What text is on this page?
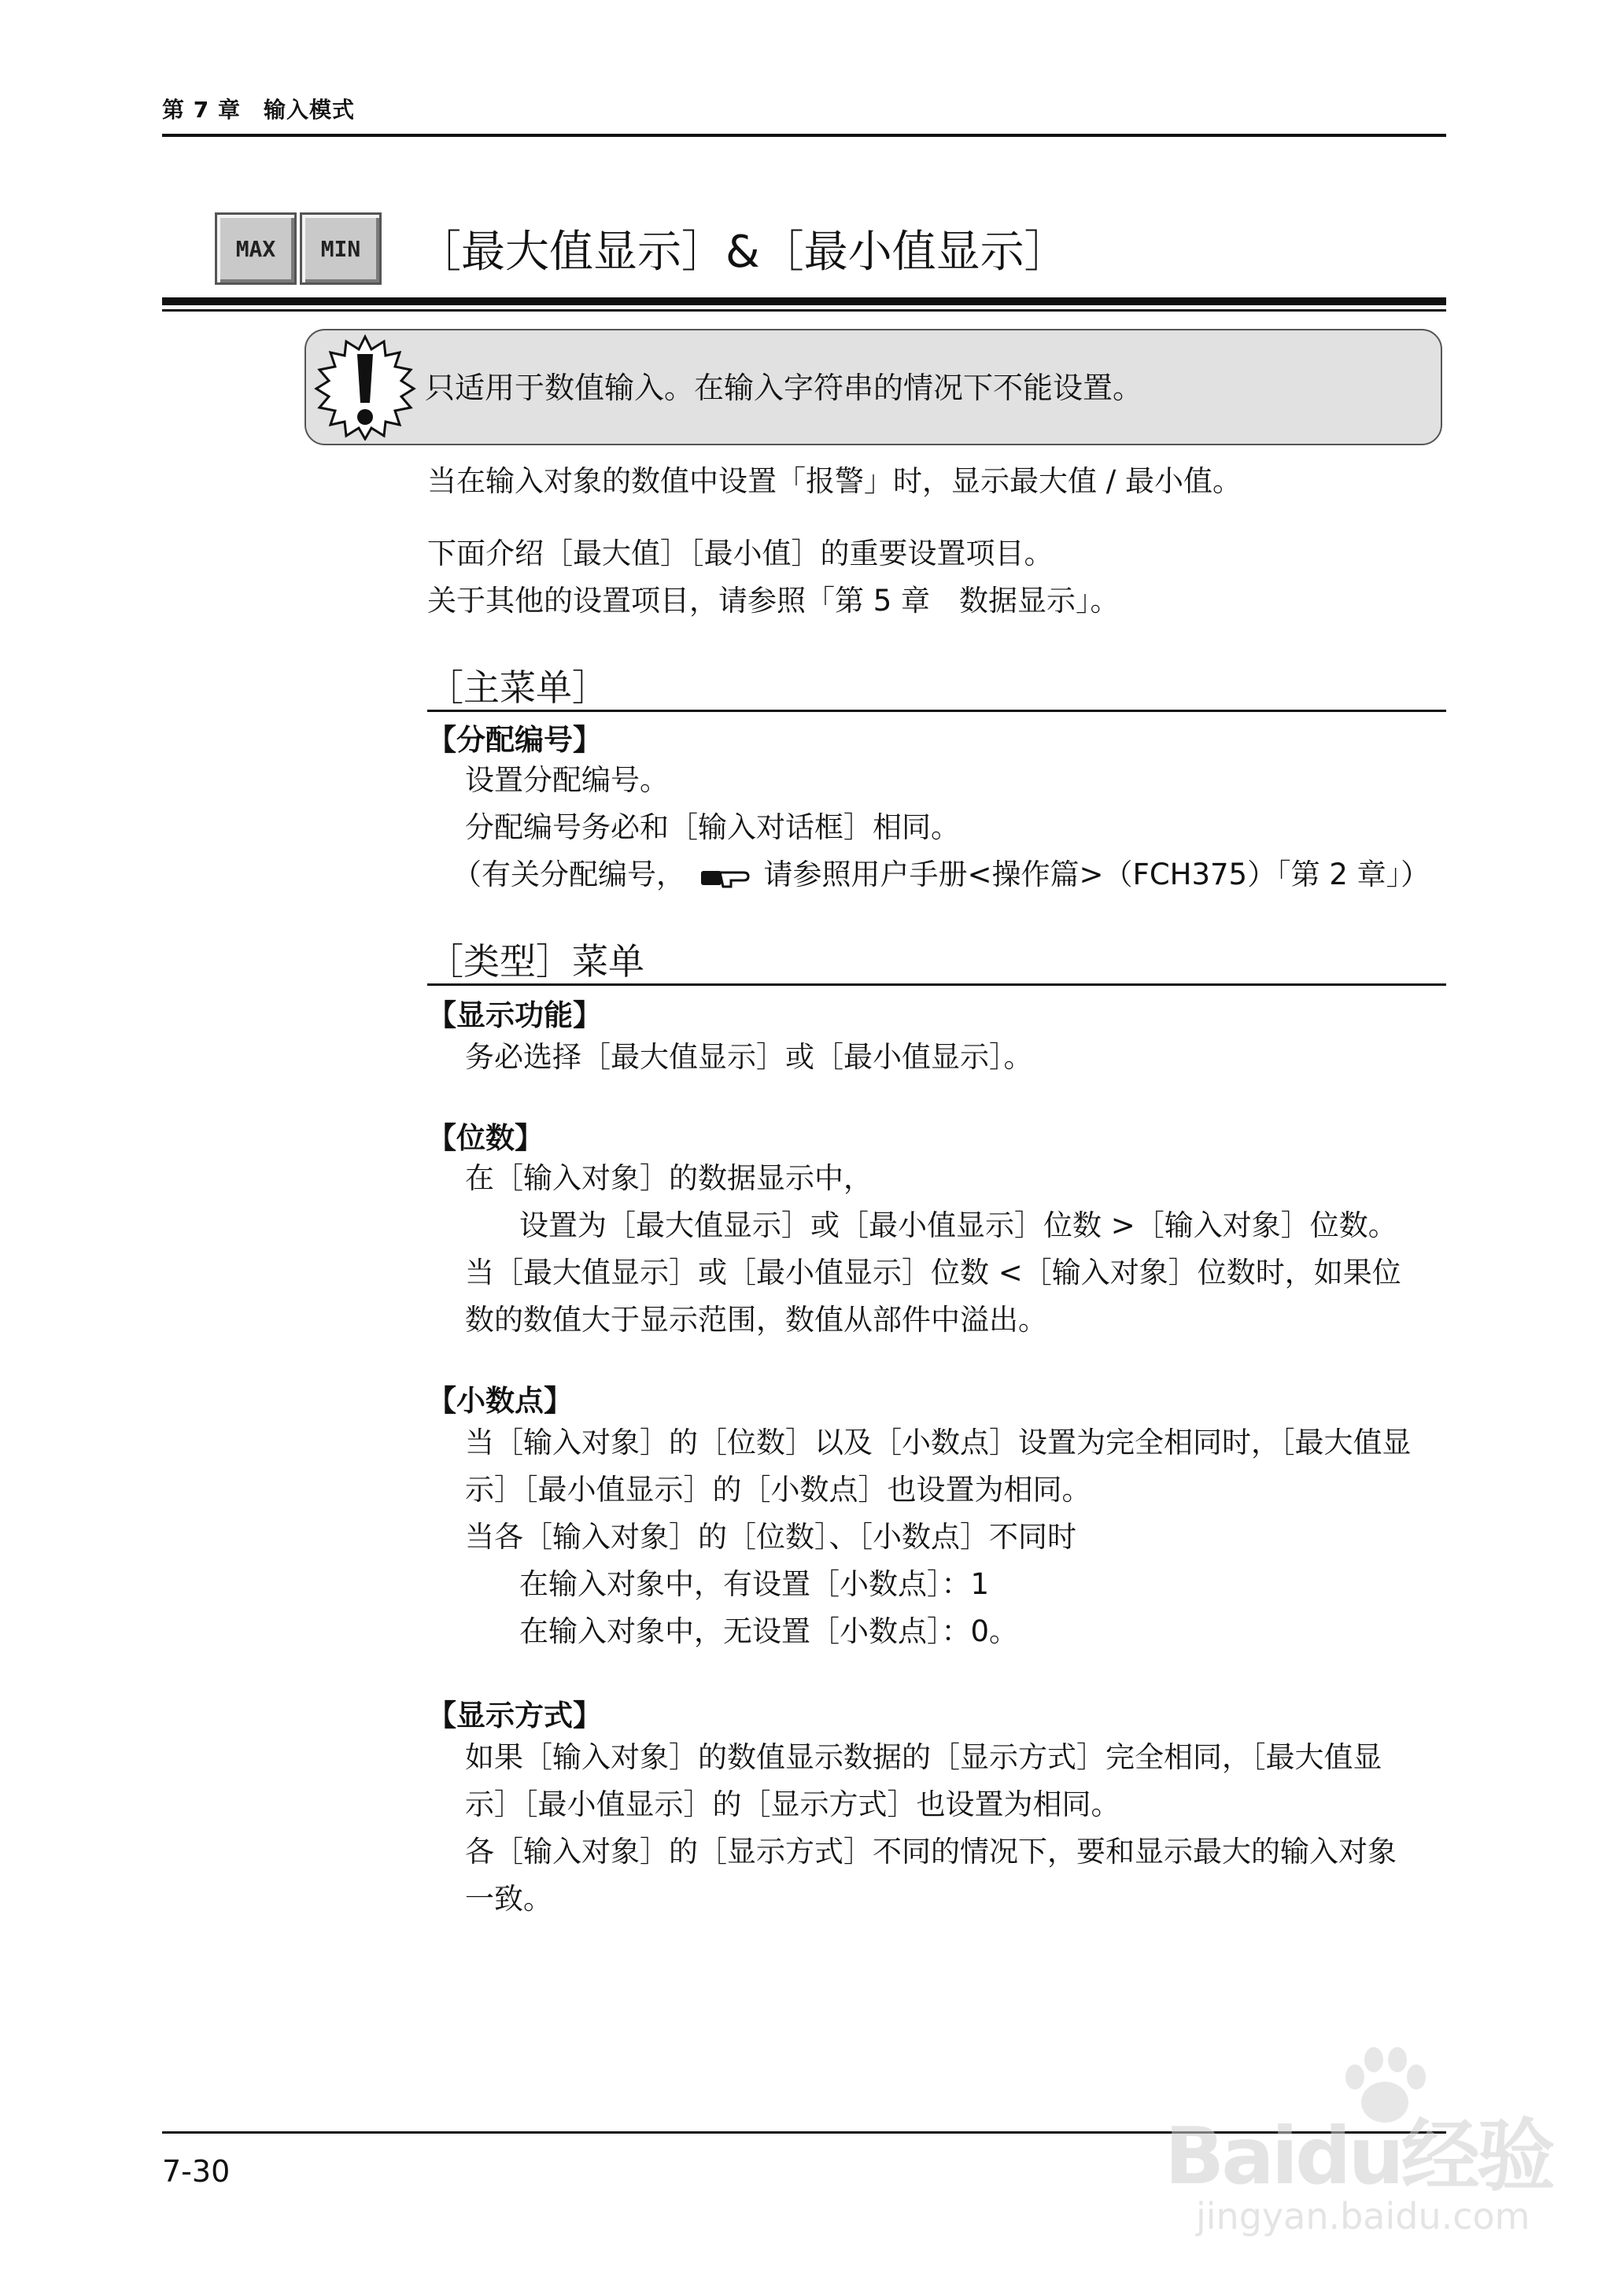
第 7 章　输入模式
MAX	MIN	［最大值显示］&［最小值显示］
只适用于数值输入。在输入字符串的情况下不能设置。
当在输入对象的数值中设置「报警」时，显示最大值 / 最小值。
下面介绍［最大值］［最小值］的重要设置项目。
关于其他的设置项目，请参照「第 5 章　数据显示」。
［主菜单］
【分配编号】
设置分配编号。
分配编号务必和［输入对话框］相同。
（有关分配编号，	请参照用户手册<操作篇>（FCH375）「第 2 章」）
［类型］菜单
【显示功能】
务必选择［最大值显示］或［最小值显示］。
【位数】
在［输入对象］的数据显示中，
设置为［最大值显示］或［最小值显示］位数 >［输入对象］位数。
当［最大值显示］或［最小值显示］位数 <［输入对象］位数时，如果位
数的数值大于显示范围，数值从部件中溢出。
【小数点】
当［输入对象］的［位数］以及［小数点］设置为完全相同时，［最大值显
示］［最小值显示］的［小数点］也设置为相同。
当各［输入对象］的［位数］、［小数点］不同时
在输入对象中，有设置［小数点］：1
在输入对象中，无设置［小数点］：0。
【显示方式】
如果［输入对象］的数值显示数据的［显示方式］完全相同，［最大值显
示］［最小值显示］的［显示方式］也设置为相同。
各［输入对象］的［显示方式］不同的情况下，要和显示最大的输入对象
一致。
7-30	Baidu经验
jingyan.baidu.com
